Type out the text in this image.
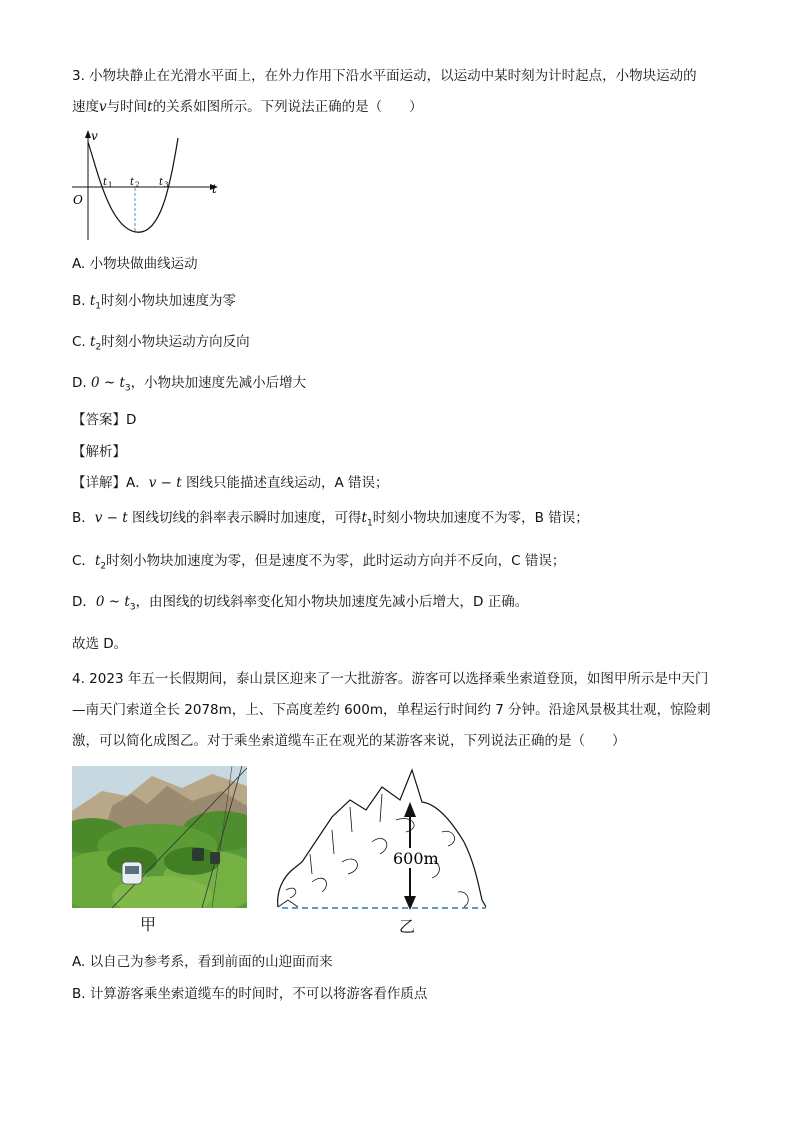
3. 小物块静止在光滑水平面上，在外力作用下沿水平面运动，以运动中某时刻为计时起点，小物块运动的
速度v与时间t的关系如图所示。下列说法正确的是（　　）
v
t
O
t 1 t 2 t 3
A. 小物块做曲线运动
B. $t_1$时刻小物块加速度为零
C. $t_2$时刻小物块运动方向反向
D. 0 ~ $t_3$，小物块加速度先减小后增大
【答案】D
【解析】
【详解】A．v − t 图线只能描述直线运动，A 错误；
B．v − t 图线切线的斜率表示瞬时加速度，可得$t_1$时刻小物块加速度不为零，B 错误；
C．$t_2$时刻小物块加速度为零，但是速度不为零，此时运动方向并不反向，C 错误；
D．0 ~ $t_3$，由图线的切线斜率变化知小物块加速度先减小后增大，D 正确。
故选 D。
4. 2023 年五一长假期间，泰山景区迎来了一大批游客。游客可以选择乘坐索道登顶，如图甲所示是中天门
—南天门索道全长 2078m，上、下高度差约 600m，单程运行时间约 7 分钟。沿途风景极其壮观，惊险刺
激，可以简化成图乙。对于乘坐索道缆车正在观光的某游客来说，下列说法正确的是（　　）
甲
600m
乙
A. 以自己为参考系，看到前面的山迎面而来
B. 计算游客乘坐索道缆车的时间时，不可以将游客看作质点
